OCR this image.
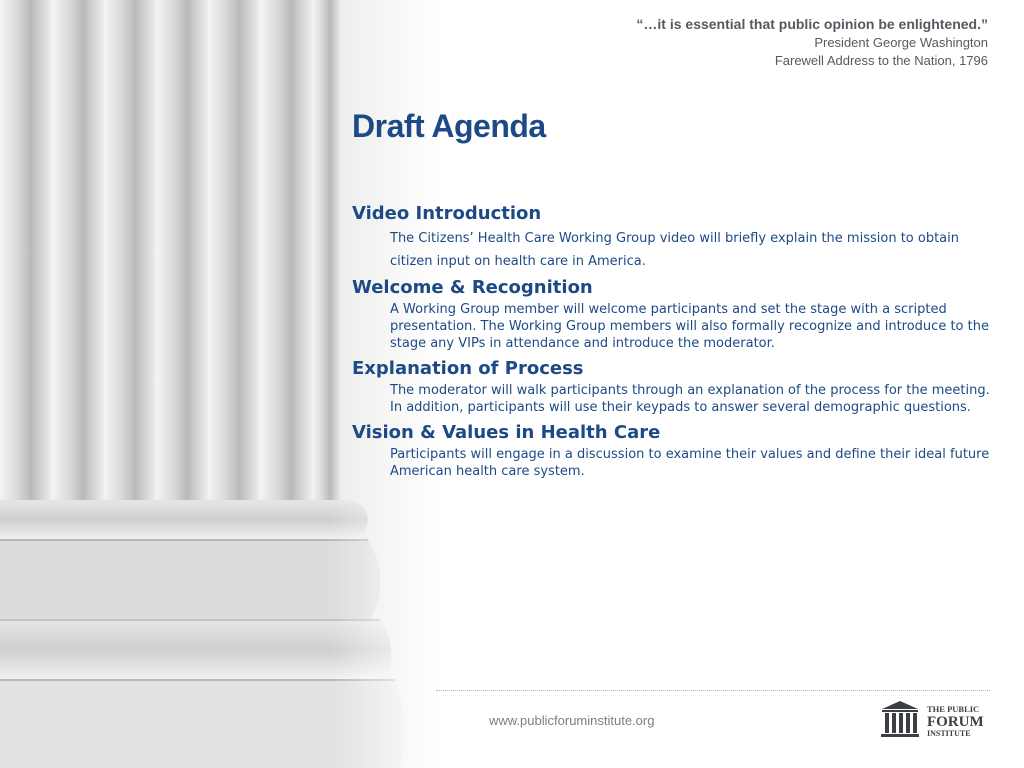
“…it is essential that public opinion be enlightened.”
President George Washington
Farewell Address to the Nation, 1796
Draft Agenda
Video Introduction
The Citizens’ Health Care Working Group video will briefly explain the mission to obtain citizen input on health care in America.
Welcome & Recognition
A Working Group member will welcome participants and set the stage with a scripted presentation. The Working Group members will also formally recognize and introduce to the stage any VIPs in attendance and introduce the moderator.
Explanation of Process
The moderator will walk participants through an explanation of the process for the meeting. In addition, participants will use their keypads to answer several demographic questions.
Vision & Values in Health Care
Participants will engage in a discussion to examine their values and define their ideal future American health care system.
www.publicforuminstitute.org
THE PUBLIC
FORUM
INSTITUTE
